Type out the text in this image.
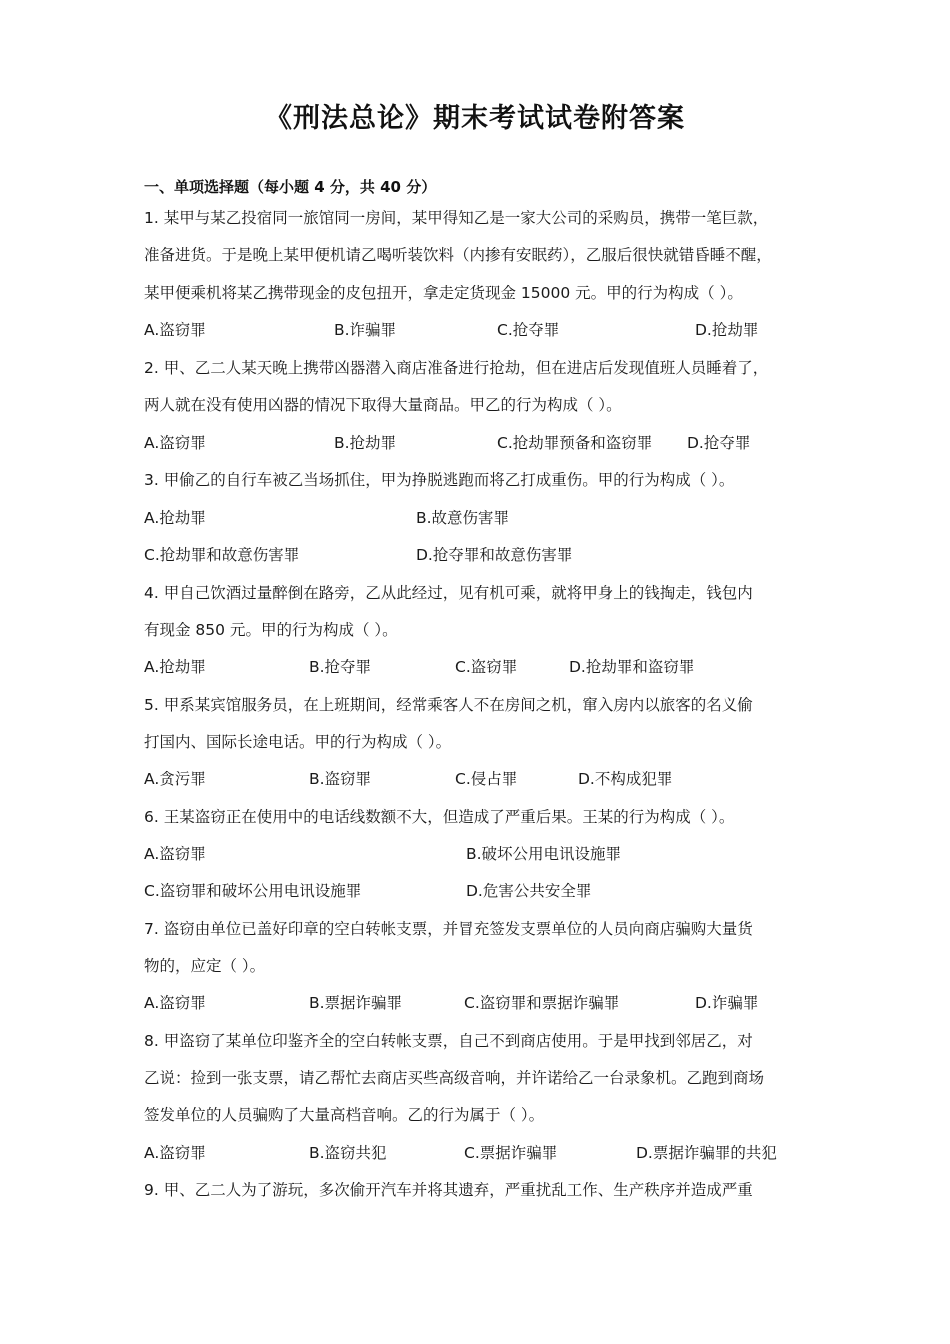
《刑法总论》期末考试试卷附答案
一、单项选择题（每小题 4 分，共 40 分）
1. 某甲与某乙投宿同一旅馆同一房间，某甲得知乙是一家大公司的采购员，携带一笔巨款，
准备进货。于是晚上某甲便机请乙喝听装饮料（内掺有安眠药），乙服后很快就错昏睡不醒，
某甲便乘机将某乙携带现金的皮包扭开，拿走定货现金 15000 元。甲的行为构成（ ）。
A.盗窃罪	B.诈骗罪	C.抢夺罪	D.抢劫罪
2. 甲、乙二人某天晚上携带凶器潜入商店准备进行抢劫，但在进店后发现值班人员睡着了，
两人就在没有使用凶器的情况下取得大量商品。甲乙的行为构成（ ）。
A.盗窃罪	B.抢劫罪	C.抢劫罪预备和盗窃罪 D.抢夺罪
3. 甲偷乙的自行车被乙当场抓住，甲为挣脱逃跑而将乙打成重伤。甲的行为构成（ ）。
A.抢劫罪	B.故意伤害罪
C.抢劫罪和故意伤害罪	D.抢夺罪和故意伤害罪
4. 甲自己饮酒过量醉倒在路旁，乙从此经过，见有机可乘，就将甲身上的钱掏走，钱包内
有现金 850 元。甲的行为构成（ ）。
A.抢劫罪	B.抢夺罪	C.盗窃罪	D.抢劫罪和盗窃罪
5. 甲系某宾馆服务员，在上班期间，经常乘客人不在房间之机，窜入房内以旅客的名义偷
打国内、国际长途电话。甲的行为构成（ ）。
A.贪污罪	B.盗窃罪	C.侵占罪	D.不构成犯罪
6. 王某盗窃正在使用中的电话线数额不大，但造成了严重后果。王某的行为构成（ ）。
A.盗窃罪	B.破坏公用电讯设施罪
C.盗窃罪和破坏公用电讯设施罪	D.危害公共安全罪
7. 盗窃由单位已盖好印章的空白转帐支票，并冒充签发支票单位的人员向商店骗购大量货
物的，应定（ ）。
A.盗窃罪	B.票据诈骗罪	C.盗窃罪和票据诈骗罪	D.诈骗罪
8. 甲盗窃了某单位印鉴齐全的空白转帐支票，自己不到商店使用。于是甲找到邻居乙，对
乙说：捡到一张支票，请乙帮忙去商店买些高级音响，并许诺给乙一台录象机。乙跑到商场
签发单位的人员骗购了大量高档音响。乙的行为属于（ ）。
A.盗窃罪	B.盗窃共犯	C.票据诈骗罪	D.票据诈骗罪的共犯
9. 甲、乙二人为了游玩，多次偷开汽车并将其遗弃，严重扰乱工作、生产秩序并造成严重
